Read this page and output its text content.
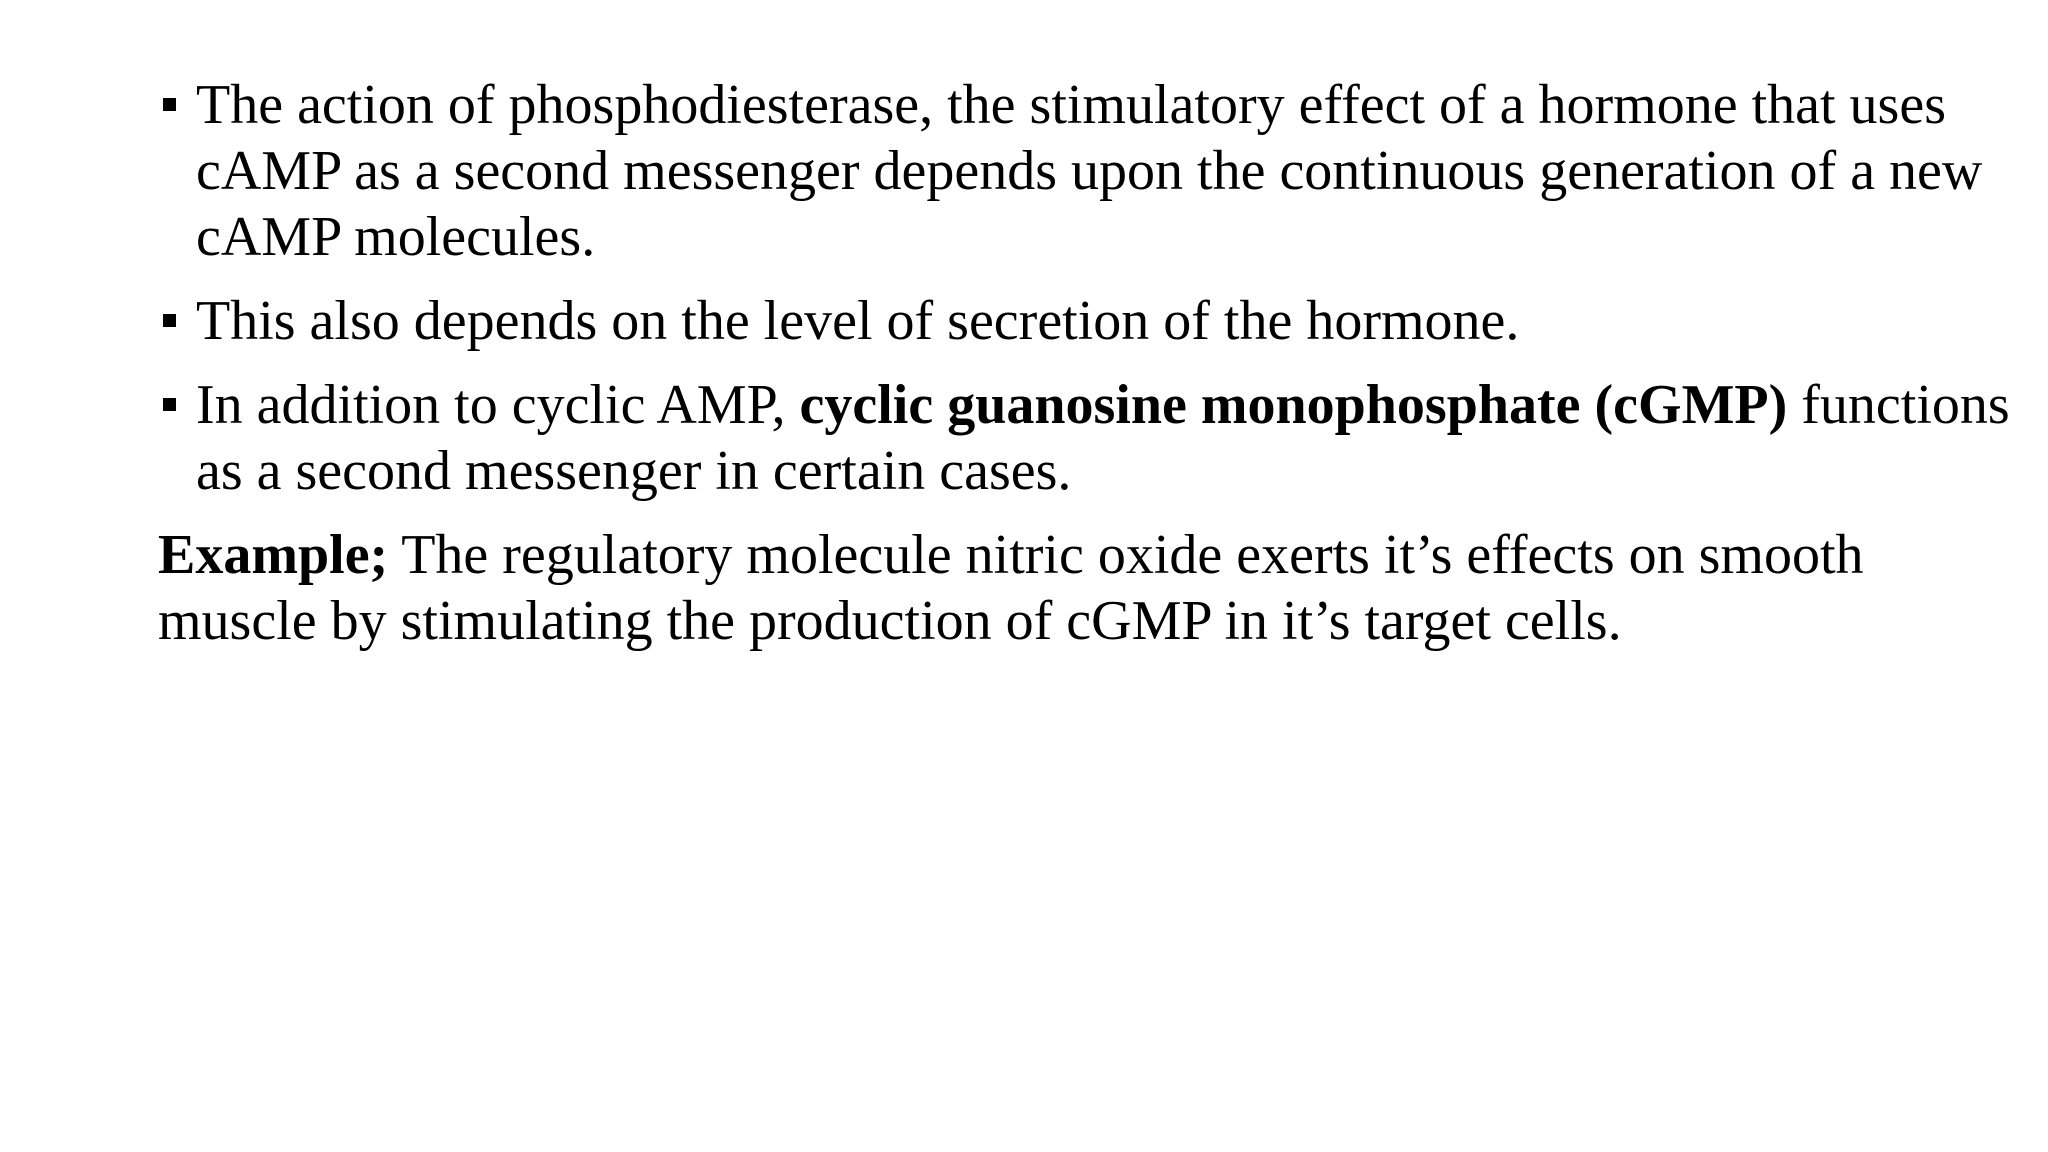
The action of phosphodiesterase, the stimulatory effect of a hormone that uses cAMP as a second messenger depends upon the continuous generation of a new cAMP molecules.
This also depends on the level of secretion of the hormone.
In addition to cyclic AMP, cyclic guanosine monophosphate (cGMP) functions as a second messenger in certain cases.

Example; The regulatory molecule nitric oxide exerts it’s effects on smooth muscle by stimulating the production of cGMP in it’s target cells.
